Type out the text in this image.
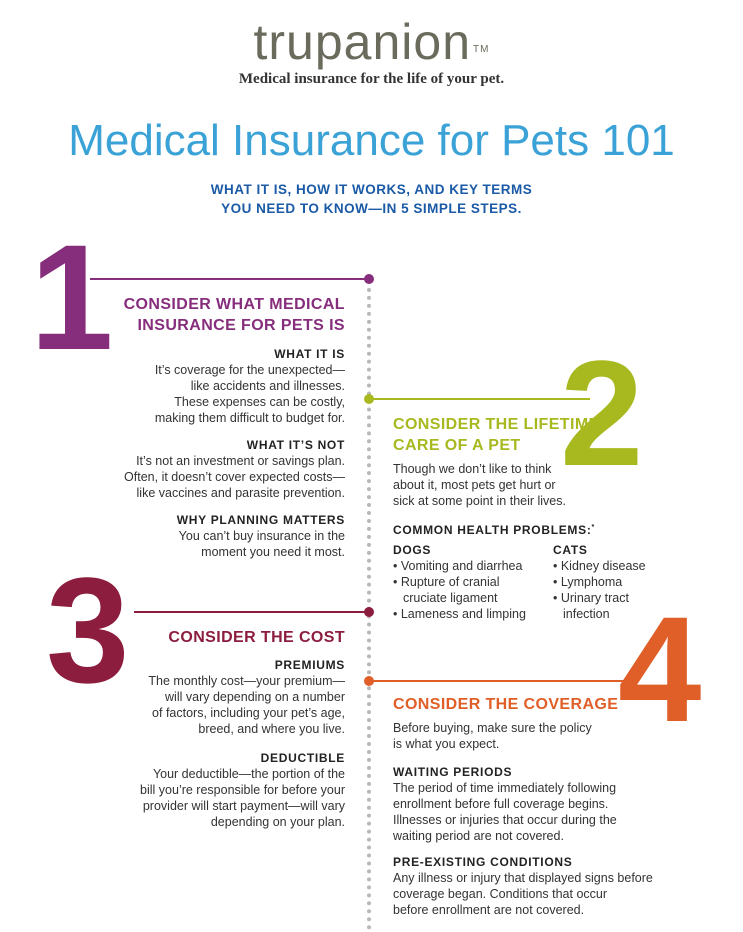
trupanion ™
Medical insurance for the life of your pet.
Medical Insurance for Pets 101
WHAT IT IS, HOW IT WORKS, AND KEY TERMS
YOU NEED TO KNOW—IN 5 SIMPLE STEPS.
1
2
3	4
CONSIDER WHAT MEDICAL
INSURANCE FOR PETS IS
WHAT IT IS
It’s coverage for the unexpected—
like accidents and illnesses.
These expenses can be costly,
making them difficult to budget for.
WHAT IT’S NOT
It’s not an investment or savings plan.
Often, it doesn’t cover expected costs—
like vaccines and parasite prevention.
WHY PLANNING MATTERS
You can’t buy insurance in the
moment you need it most.
CONSIDER THE LIFETIME
CARE OF A PET
Though we don’t like to think
about it, most pets get hurt or
sick at some point in their lives.
COMMON HEALTH PROBLEMS:*
DOGS
• Vomiting and diarrhea
• Rupture of cranial
cruciate ligament
• Lameness and limping
CATS
• Kidney disease
• Lymphoma
• Urinary tract
infection
CONSIDER THE COST
PREMIUMS
The monthly cost—your premium—
will vary depending on a number
of factors, including your pet’s age,
breed, and where you live.
DEDUCTIBLE
Your deductible—the portion of the
bill you’re responsible for before your
provider will start payment—will vary
depending on your plan.
CONSIDER THE COVERAGE
Before buying, make sure the policy
is what you expect.
WAITING PERIODS
The period of time immediately following
enrollment before full coverage begins.
Illnesses or injuries that occur during the
waiting period are not covered.
PRE-EXISTING CONDITIONS
Any illness or injury that displayed signs before
coverage began. Conditions that occur
before enrollment are not covered.
